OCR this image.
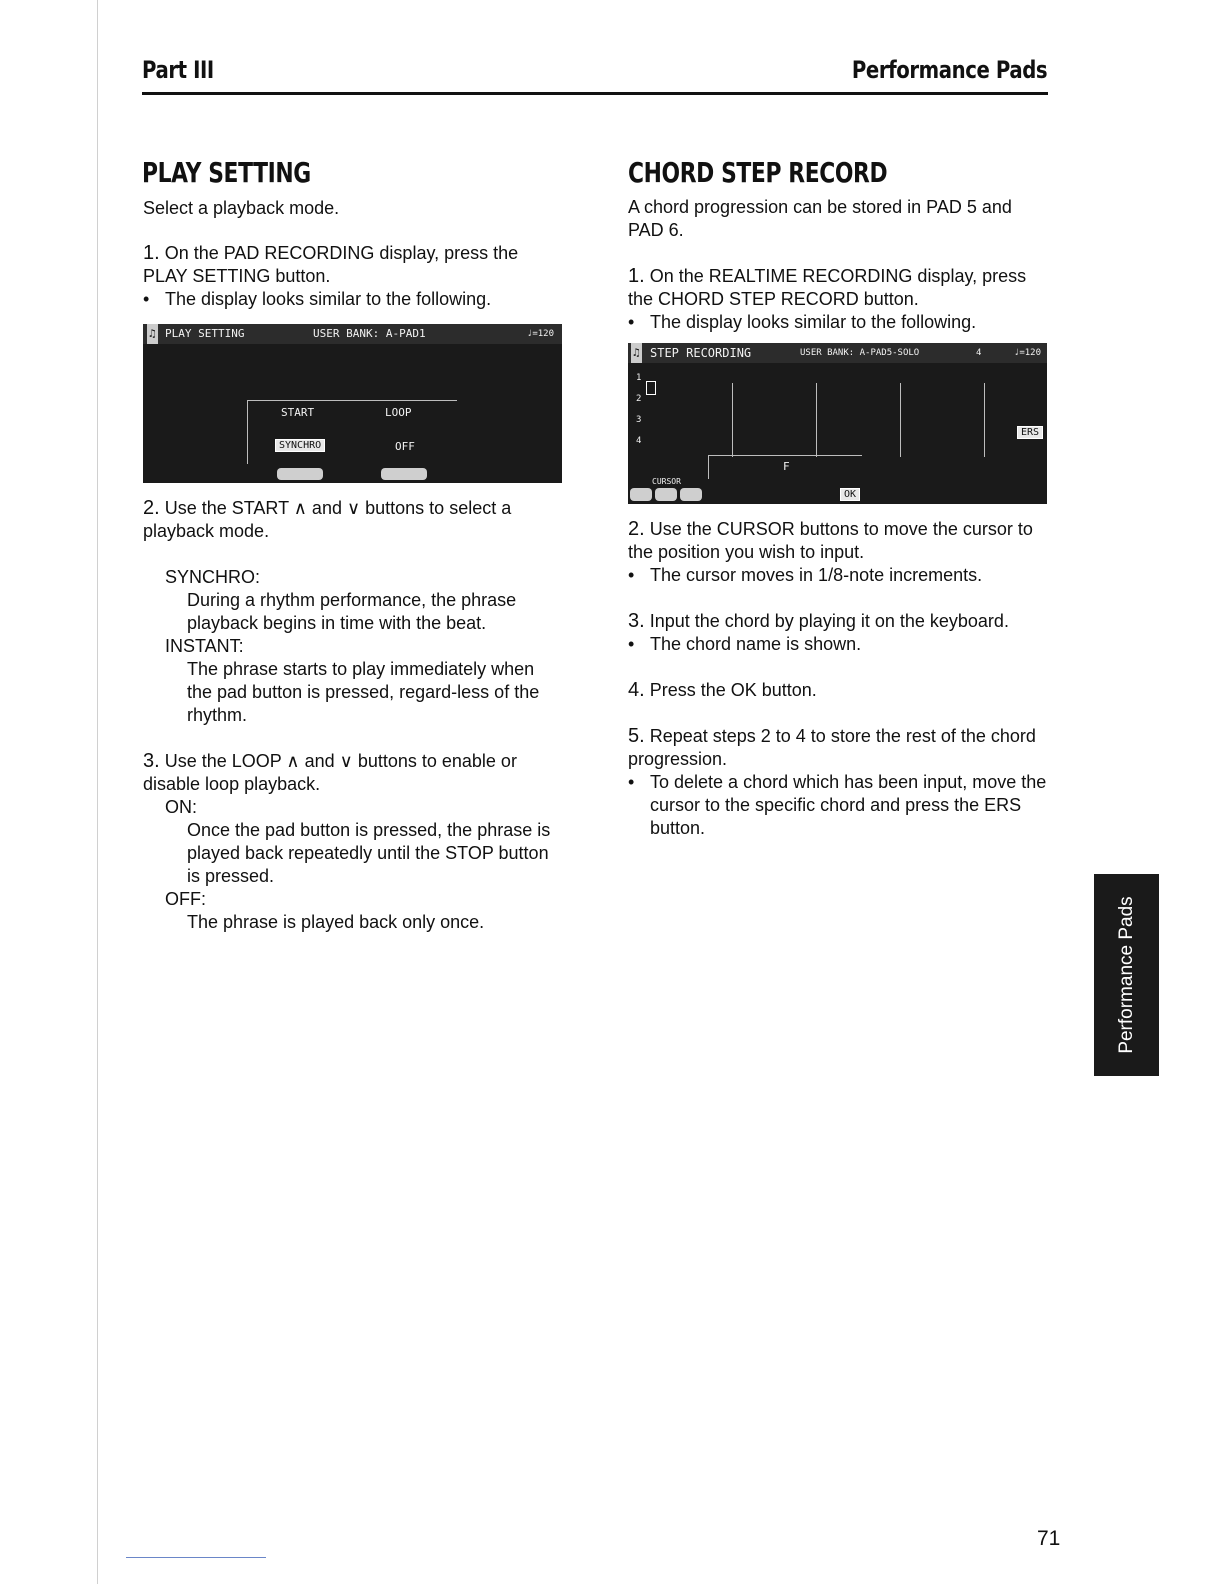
Part III	Performance Pads
PLAY SETTING

Select a playback mode.

1. On the PAD RECORDING display, press the PLAY SETTING button.

• The display looks similar to the following.

♫ PLAY SETTING	USER BANK: A-PAD1	♩=120
START	LOOP
SYNCHRO	OFF

2. Use the START ∧ and ∨ buttons to select a playback mode.

SYNCHRO:

During a rhythm performance, the phrase playback begins in time with the beat.

INSTANT:

The phrase starts to play immediately when the pad button is pressed, regard-less of the rhythm.

3. Use the LOOP ∧ and ∨ buttons to enable or disable loop playback.

ON:

Once the pad button is pressed, the phrase is played back repeatedly until the STOP button is pressed.

OFF:

The phrase is played back only once.

CHORD STEP RECORD

A chord progression can be stored in PAD 5 and PAD 6.

1. On the REALTIME RECORDING display, press the CHORD STEP RECORD button.

• The display looks similar to the following.

♫ STEP RECORDING	USER BANK: A-PAD5-SOLO	4	♩=120
1
2
3
4
F
ERS
CURSOR
OK

2. Use the CURSOR buttons to move the cursor to the position you wish to input.

• The cursor moves in 1/8-note increments.

3. Input the chord by playing it on the keyboard.

• The chord name is shown.

4. Press the OK button.

5. Repeat steps 2 to 4 to store the rest of the chord progression.

• To delete a chord which has been input, move the cursor to the specific chord and press the ERS button.

Performance Pads
71
